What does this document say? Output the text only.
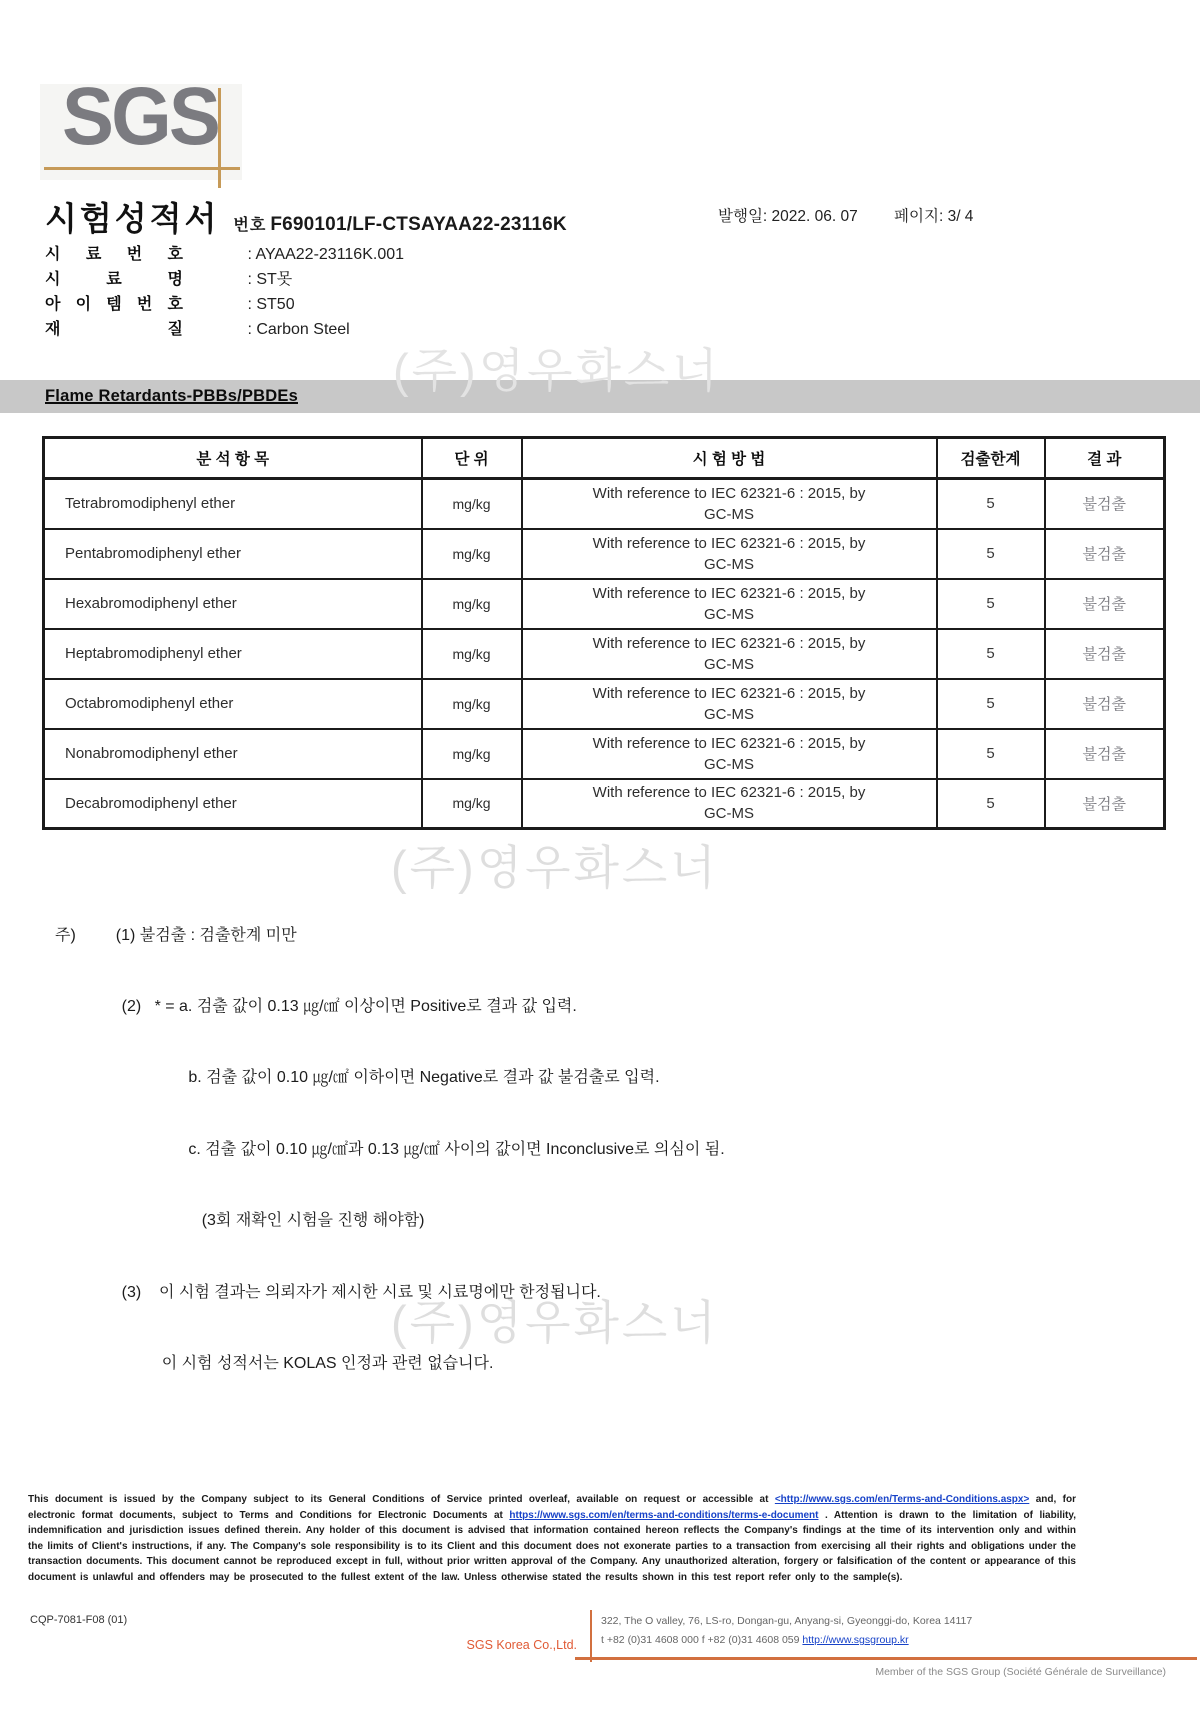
SGS
시험성적서 번호 F690101/LF-CTSAYAA22-23116K	발행일: 2022. 06. 07 페이지: 3/ 4
시 료 번 호	: AYAA22-23116K.001
시 료 명	: ST못
아 이 템 번 호	: ST50
재 질	: Carbon Steel
Flame Retardants-PBBs/PBDEs (주)영우화스너
(주)영우화스너
(주)영우화스너
분 석 항 목	단 위	시 험 방 법	검출한계	결 과
Tetrabromodiphenyl ether	mg/kg	With reference to IEC 62321-6 : 2015, by
GC-MS	5	불검출
Pentabromodiphenyl ether	mg/kg	With reference to IEC 62321-6 : 2015, by
GC-MS	5	불검출
Hexabromodiphenyl ether	mg/kg	With reference to IEC 62321-6 : 2015, by
GC-MS	5	불검출
Heptabromodiphenyl ether	mg/kg	With reference to IEC 62321-6 : 2015, by
GC-MS	5	불검출
Octabromodiphenyl ether	mg/kg	With reference to IEC 62321-6 : 2015, by
GC-MS	5	불검출
Nonabromodiphenyl ether	mg/kg	With reference to IEC 62321-6 : 2015, by
GC-MS	5	불검출
Decabromodiphenyl ether	mg/kg	With reference to IEC 62321-6 : 2015, by
GC-MS	5	불검출

주)         (1) 불검출 : 검출한계 미만

(2)   * = a. 검출 값이 0.13 ㎍/㎠ 이상이면 Positive로 결과 값 입력.

b. 검출 값이 0.10 ㎍/㎠ 이하이면 Negative로 결과 값 불검출로 입력.

c. 검출 값이 0.10 ㎍/㎠과 0.13 ㎍/㎠ 사이의 값이면 Inconclusive로 의심이 됨.

(3회 재확인 시험을 진행 해야함)

(3)    이 시험 결과는 의뢰자가 제시한 시료 및 시료명에만 한정됩니다.

이 시험 성적서는 KOLAS 인정과 관련 없습니다.

This document is issued by the Company subject to its General Conditions of Service printed overleaf, available on request or accessible at <http://www.sgs.com/en/Terms-and-Conditions.aspx> and, for electronic format documents, subject to Terms and Conditions for Electronic Documents at https://www.sgs.com/en/terms-and-conditions/terms-e-document . Attention is drawn to the limitation of liability, indemnification and jurisdiction issues defined therein. Any holder of this document is advised that information contained hereon reflects the Company's findings at the time of its intervention only and within the limits of Client's instructions, if any. The Company's sole responsibility is to its Client and this document does not exonerate parties to a transaction from exercising all their rights and obligations under the transaction documents. This document cannot be reproduced except in full, without prior written approval of the Company. Any unauthorized alteration, forgery or falsification of the content or appearance of this document is unlawful and offenders may be prosecuted to the fullest extent of the law. Unless otherwise stated the results shown in this test report refer only to the sample(s).
CQP-7081-F08 (01)
SGS Korea Co.,Ltd.
322, The O valley, 76, LS-ro, Dongan-gu, Anyang-si, Gyeonggi-do, Korea 14117
t +82 (0)31 4608 000 f +82 (0)31 4608 059 http://www.sgsgroup.kr
Member of the SGS Group (Société Générale de Surveillance)
